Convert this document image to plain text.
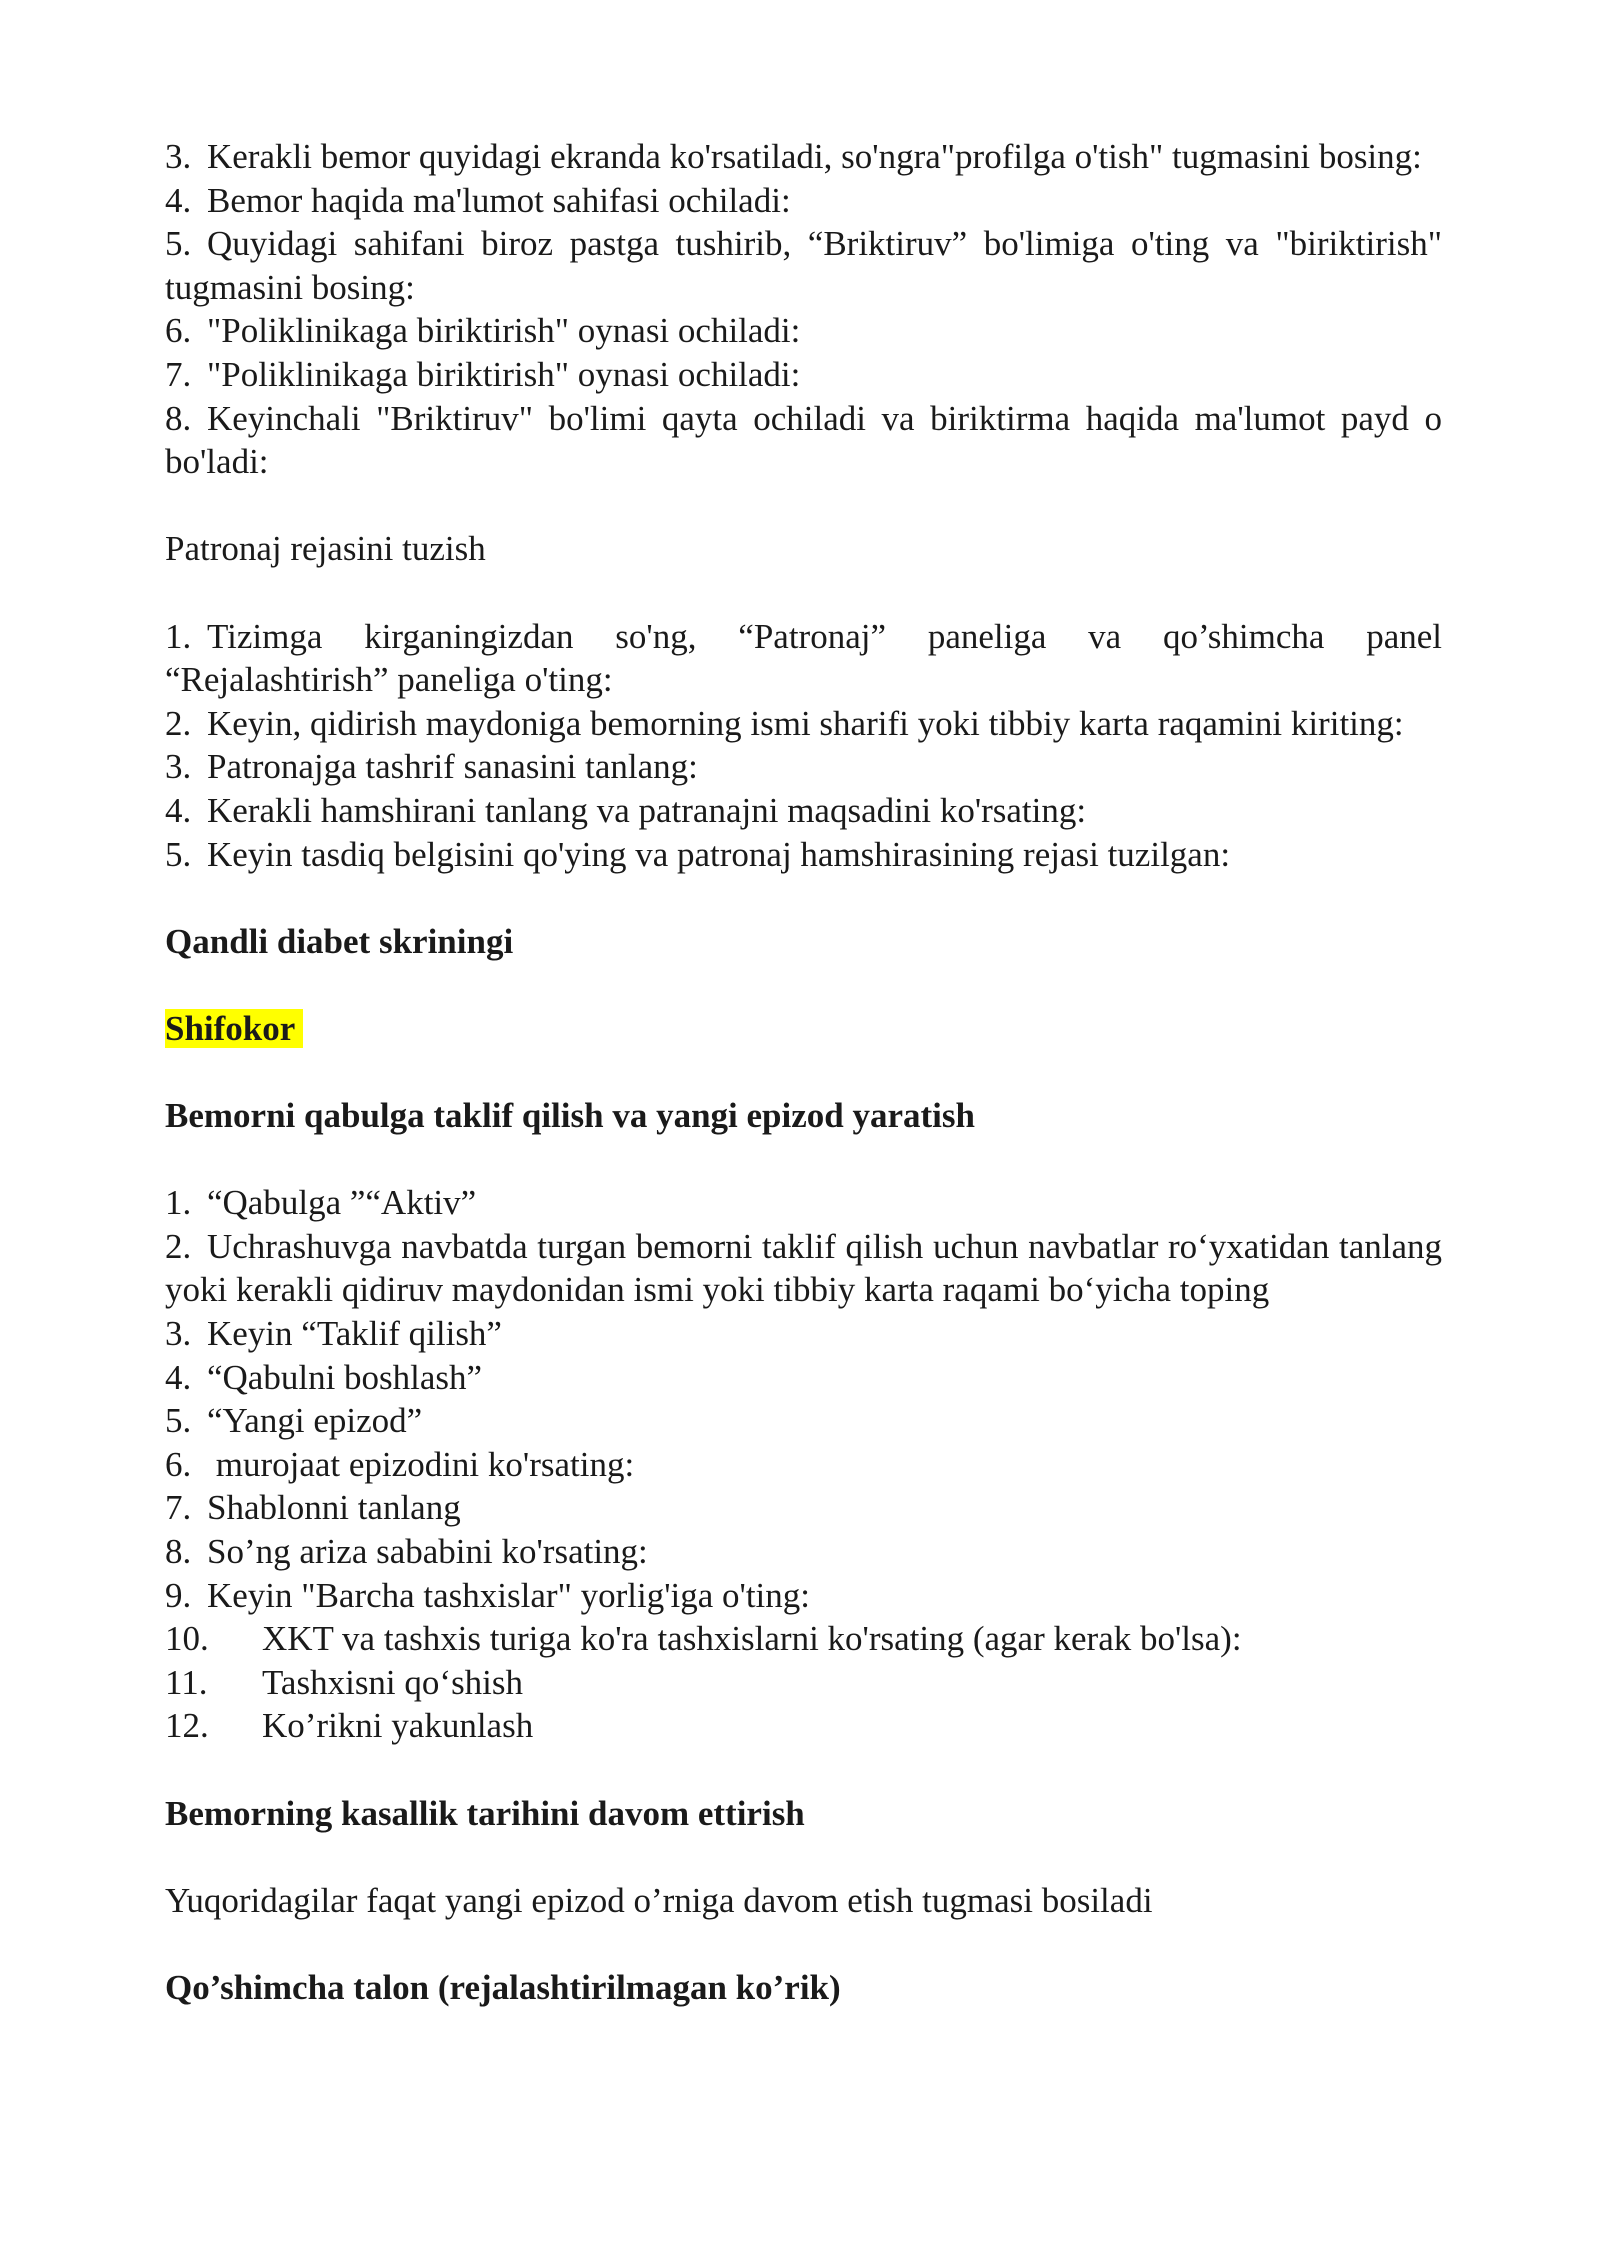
3. Kerakli bemor quyidagi ekranda ko'rsatiladi, so'ngra"profilga o'tish" tugmasini bosing:

4. Bemor haqida ma'lumot sahifasi ochiladi:

5. Quyidagi sahifani biroz pastga tushirib, “Briktiruv” bo'limiga o'ting va "biriktirish" tugmasini bosing:

6. "Poliklinikaga biriktirish" oynasi ochiladi:

7. "Poliklinikaga biriktirish" oynasi ochiladi:

8. Keyinchali "Briktiruv" bo'limi qayta ochiladi va biriktirma haqida ma'lumot payd o bo'ladi:

Patronaj rejasini tuzish

1. Tizimga kirganingizdan so'ng, “Patronaj” paneliga va qo’shimcha panel “Rejalashtirish” paneliga o'ting:

2. Keyin, qidirish maydoniga bemorning ismi sharifi yoki tibbiy karta raqamini kiriting:

3. Patronajga tashrif sanasini tanlang:

4. Kerakli hamshirani tanlang va patranajni maqsadini ko'rsating:

5. Keyin tasdiq belgisini qo'ying va patronaj hamshirasining rejasi tuzilgan:

Qandli diabet skriningi

Shifokor

Bemorni qabulga taklif qilish va yangi epizod yaratish

1. “Qabulga ”“Aktiv”

2. Uchrashuvga navbatda turgan bemorni taklif qilish uchun navbatlar ro‘yxatidan tanlang yoki kerakli qidiruv maydonidan ismi yoki tibbiy karta raqami bo‘yicha toping

3. Keyin “Taklif qilish”

4. “Qabulni boshlash”

5. “Yangi epizod”

6. murojaat epizodini ko'rsating:

7. Shablonni tanlang

8. So’ng ariza sababini ko'rsating:

9. Keyin "Barcha tashxislar" yorlig'iga o'ting:

10. XKT va tashxis turiga ko'ra tashxislarni ko'rsating (agar kerak bo'lsa):

11. Tashxisni qo‘shish

12. Ko’rikni yakunlash

Bemorning kasallik tarihini davom ettirish

Yuqoridagilar faqat yangi epizod o’rniga davom etish tugmasi bosiladi

Qo’shimcha talon (rejalashtirilmagan ko’rik)
